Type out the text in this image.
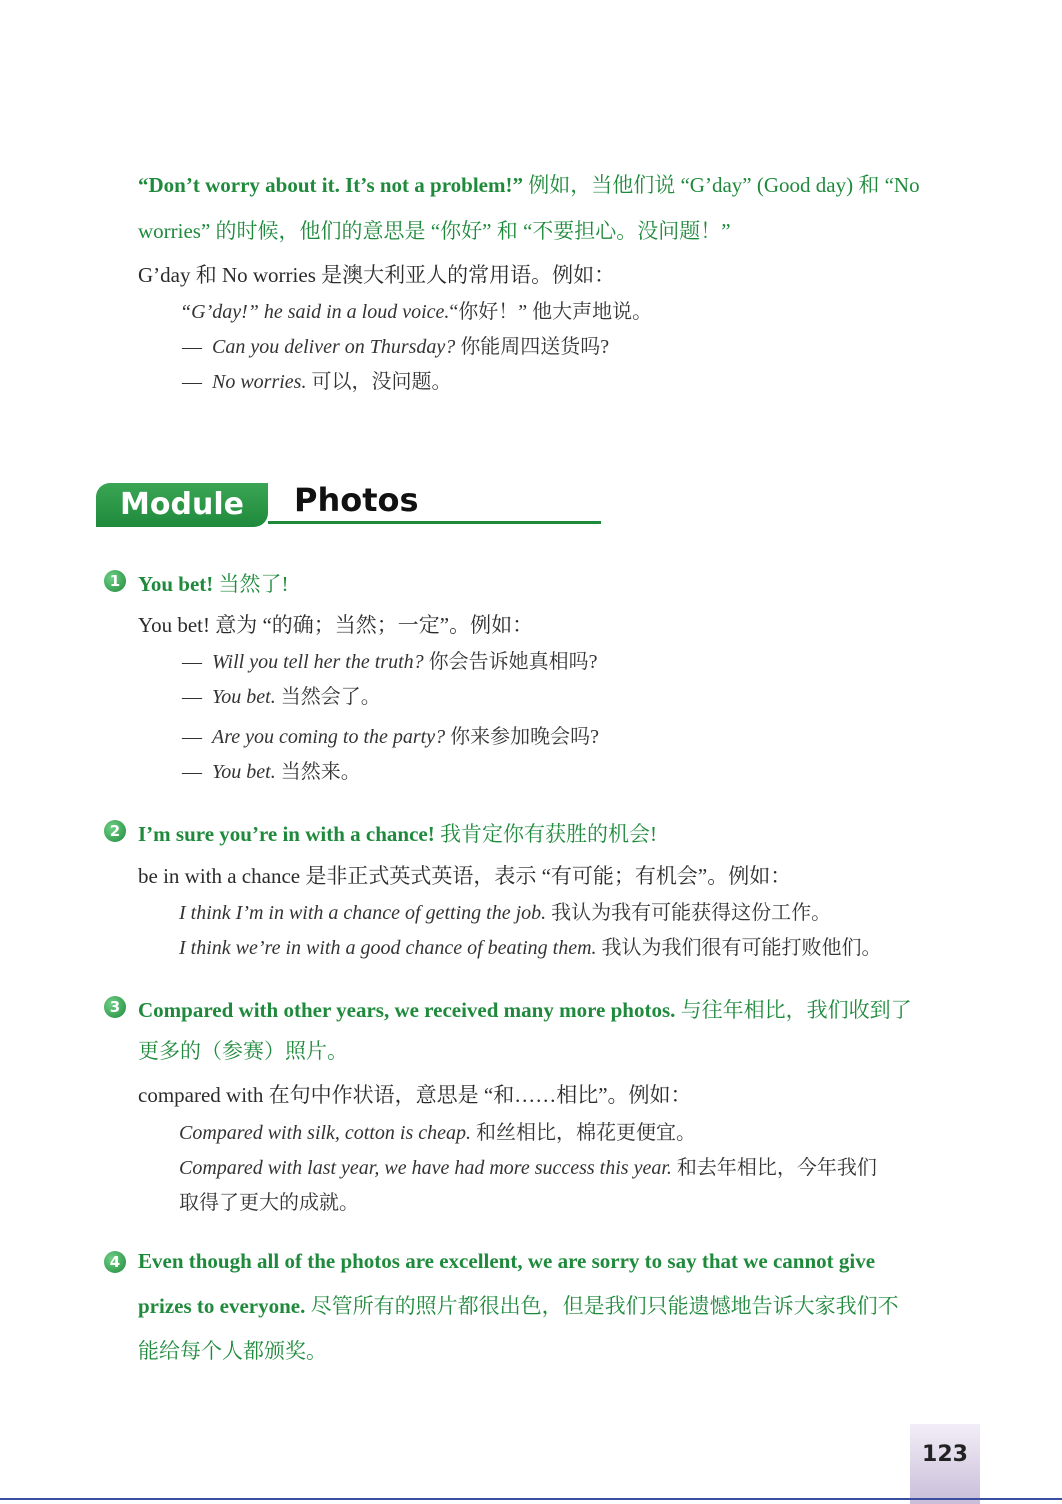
“Don’t worry about it. It’s not a problem!” 例如，当他们说 “G’day” (Good day) 和 “No
worries” 的时候，他们的意思是 “你好” 和 “不要担心。没问题！”
G’day 和 No worries 是澳大利亚人的常用语。例如：
“G’day!” he said in a loud voice.“你好！” 他大声地说。
— Can you deliver on Thursday? 你能周四送货吗?
— No worries. 可以，没问题。
Module 11
Photos
1 You bet! 当然了!
You bet! 意为 “的确；当然；一定”。例如：
— Will you tell her the truth? 你会告诉她真相吗?
— You bet. 当然会了。
— Are you coming to the party? 你来参加晚会吗?
— You bet. 当然来。
2 I’m sure you’re in with a chance! 我肯定你有获胜的机会!
be in with a chance 是非正式英式英语，表示 “有可能；有机会”。例如：
I think I’m in with a chance of getting the job. 我认为我有可能获得这份工作。
I think we’re in with a good chance of beating them. 我认为我们很有可能打败他们。
3 Compared with other years, we received many more photos. 与往年相比，我们收到了
更多的（参赛）照片。
compared with 在句中作状语，意思是 “和……相比”。例如：
Compared with silk, cotton is cheap. 和丝相比，棉花更便宜。
Compared with last year, we have had more success this year. 和去年相比，今年我们
取得了更大的成就。
4 Even though all of the photos are excellent, we are sorry to say that we cannot give
prizes to everyone. 尽管所有的照片都很出色，但是我们只能遗憾地告诉大家我们不
能给每个人都颁奖。
123
